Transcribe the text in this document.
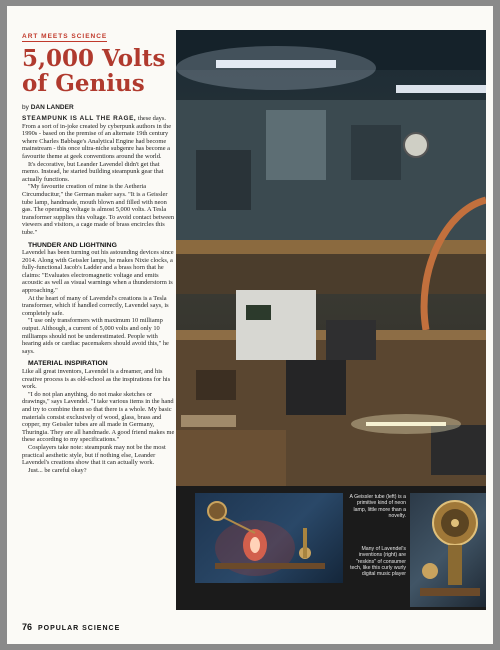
ART MEETS SCIENCE
5,000 Volts
of Genius
by DAN LANDER

STEAMPUNK IS ALL THE RAGE, these days. From a sort of in-joke created by cyberpunk authors in the 1990s - based on the premise of an alternate 19th century where Charles Babbage's Analytical Engine had become mainstream - this once ultra-niche subgenre has become a favourite theme at geek conventions around the world.

It's decorative, but Leander Lavendel didn't get that memo. Instead, he started building steampunk gear that actually functions.

"My favourite creation of mine is the Aetheria Circumducitur," the German maker says. "It is a Geissler tube lamp, handmade, mouth blown and filled with neon gas. The operating voltage is almost 5,000 volts. A Tesla transformer supplies this voltage. To avoid contact between viewers and visitors, a cage made of brass encircles this tube."

THUNDER AND LIGHTNING

Lavendel has been turning out his astounding devices since 2014. Along with Geissler lamps, he makes Nixie clocks, a fully-functional Jacob's Ladder and a brass horn that he claims: "Evaluates electromagnetic voltage and emits acoustic as well as visual warnings when a thunderstorm is approaching."

At the heart of many of Lavendel's creations is a Tesla transformer, which if handled correctly, Lavendel says, is completely safe.

"I use only transformers with maximum 10 milliamp output. Although, a current of 5,000 volts and only 10 milliamps should not be underestimated. People with hearing aids or cardiac pacemakers should avoid this," he says.

MATERIAL INSPIRATION

Like all great inventors, Lavendel is a dreamer, and his creative process is as old-school as the inspirations for his work.

"I do not plan anything, do not make sketches or drawings," says Lavendel. "I take various items in the hand and try to combine them so that there is a whole. My basic materials consist exclusively of wood, glass, brass and copper, my Geissler tubes are all made in Germany, Thuringia. They are all handmade. A good friend makes me these according to my specifications."

Cosplayers take note: steampunk may not be the most practical aesthetic style, but if nothing else, Leander Lavendel's creations show that it can actually work.

Just... be careful okay?

76 POPULAR SCIENCE
A Geissler tube (left) is a primitive kind of neon lamp, little more than a novelty.
Many of Lavendel's inventions (right) are "reskins" of consumer tech, like this curly wurly digital music player
